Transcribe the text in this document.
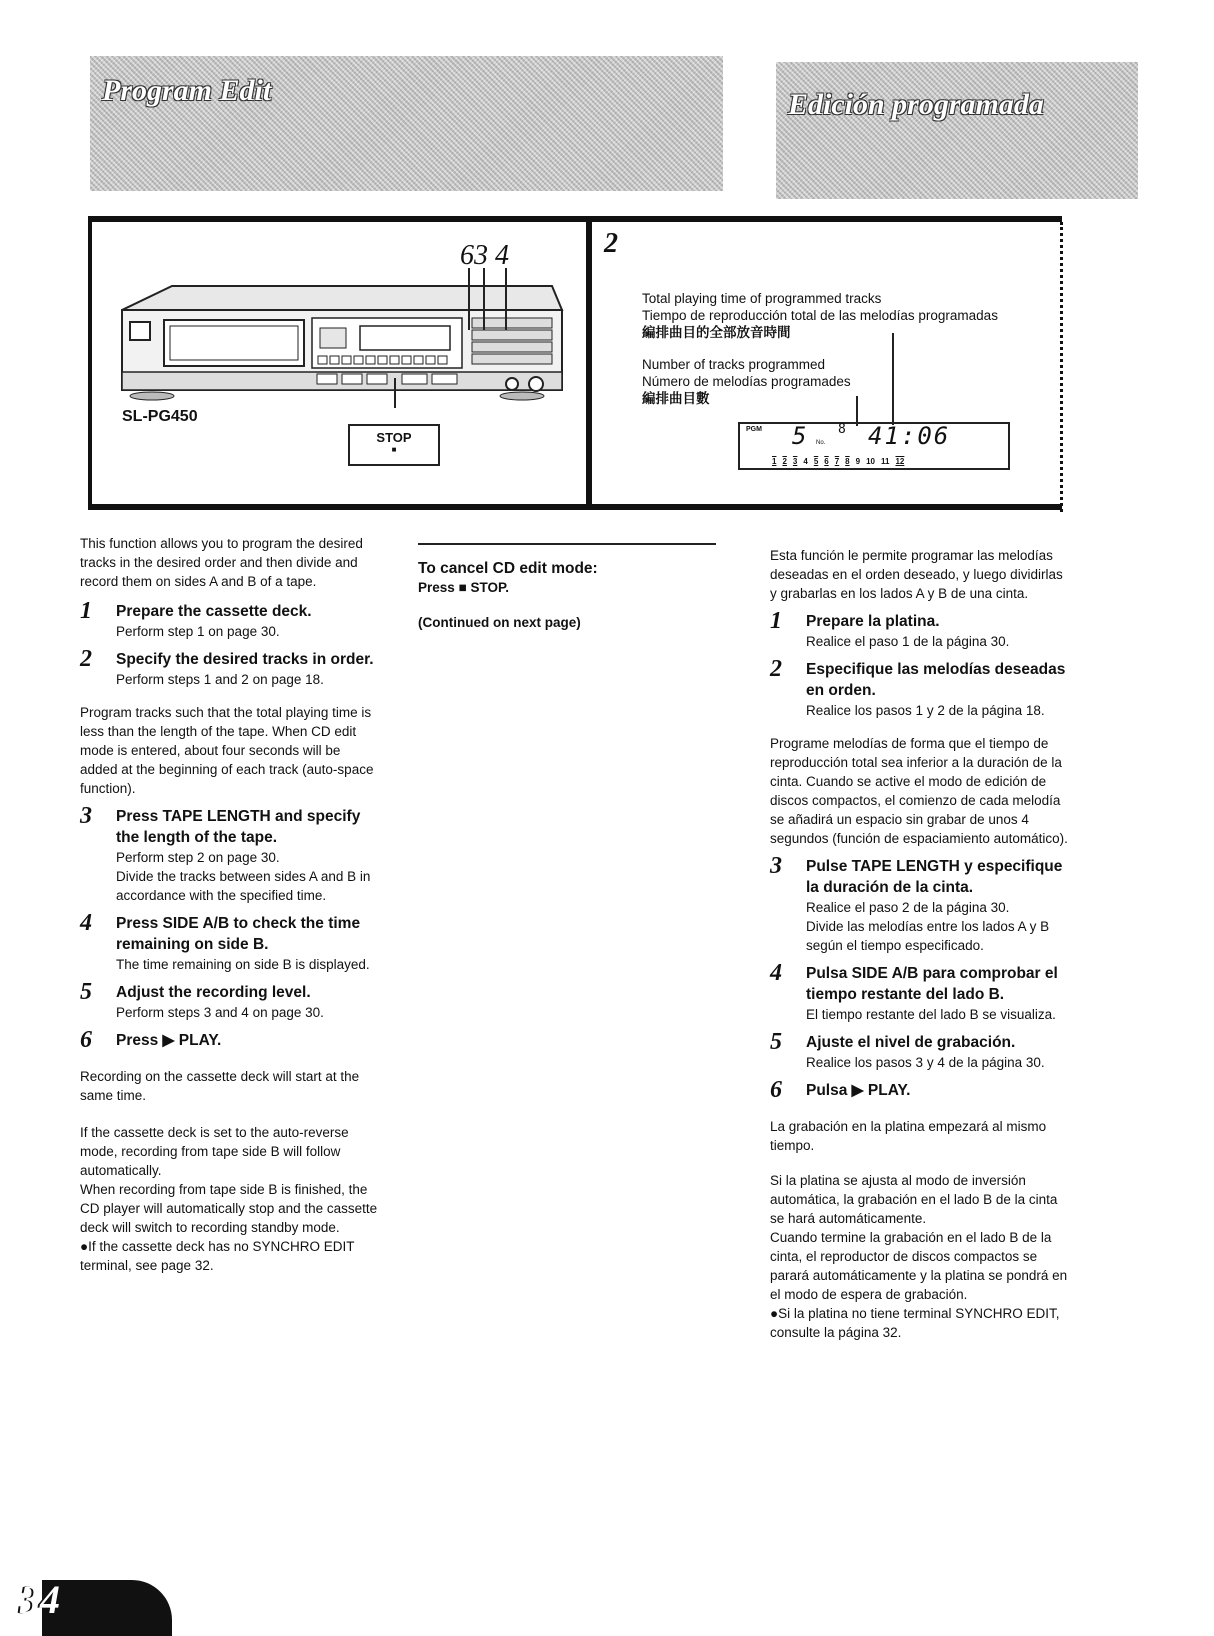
Program Edit	Edición programada
63 4
SL-PG450
STOP
■
2
Total playing time of programmed tracks
Tiempo de reproducción total de las melodías programadas
編排曲目的全部放音時間
Number of tracks programmed
Número de melodías programades
編排曲目數
PGM 5 No.
8 41:06
1 2 3 4 5 6 7 8 9 10 11 12

This function allows you to program the desired tracks in the desired order and then divide and record them on sides A and B of a tape.

1 Prepare the cassette deck.
Perform step 1 on page 30.
2 Specify the desired tracks in order.
Perform steps 1 and 2 on page 18.

Program tracks such that the total playing time is less than the length of the tape. When CD edit mode is entered, about four seconds will be added at the beginning of each track (auto-space function).

3 Press TAPE LENGTH and specify the length of the tape.
Perform step 2 on page 30.
Divide the tracks between sides A and B in accordance with the specified time.
4 Press SIDE A/B to check the time remaining on side B.
The time remaining on side B is displayed.
5 Adjust the recording level.
Perform steps 3 and 4 on page 30.
6 Press ▶ PLAY.

Recording on the cassette deck will start at the same time.

If the cassette deck is set to the auto-reverse mode, recording from tape side B will follow automatically.

When recording from tape side B is finished, the CD player will automatically stop and the cassette deck will switch to recording standby mode.

●If the cassette deck has no SYNCHRO EDIT terminal, see page 32.

To cancel CD edit mode:
Press ■ STOP.
(Continued on next page)

Esta función le permite programar las melodías deseadas en el orden deseado, y luego dividirlas y grabarlas en los lados A y B de una cinta.

1 Prepare la platina.
Realice el paso 1 de la página 30.
2 Especifique las melodías deseadas en orden.
Realice los pasos 1 y 2 de la página 18.

Programe melodías de forma que el tiempo de reproducción total sea inferior a la duración de la cinta. Cuando se active el modo de edición de discos compactos, el comienzo de cada melodía se añadirá un espacio sin grabar de unos 4 segundos (función de espaciamiento automático).

3 Pulse TAPE LENGTH y especifique la duración de la cinta.
Realice el paso 2 de la página 30.
Divide las melodías entre los lados A y B según el tiempo especificado.
4 Pulsa SIDE A/B para comprobar el tiempo restante del lado B.
El tiempo restante del lado B se visualiza.
5 Ajuste el nivel de grabación.
Realice los pasos 3 y 4 de la página 30.
6 Pulsa ▶ PLAY.

La grabación en la platina empezará al mismo tiempo.

Si la platina se ajusta al modo de inversión automática, la grabación en el lado B de la cinta se hará automáticamente.

Cuando termine la grabación en el lado B de la cinta, el reproductor de discos compactos se parará automáticamente y la platina se pondrá en el modo de espera de grabación.

●Si la platina no tiene terminal SYNCHRO EDIT, consulte la página 32.

34
